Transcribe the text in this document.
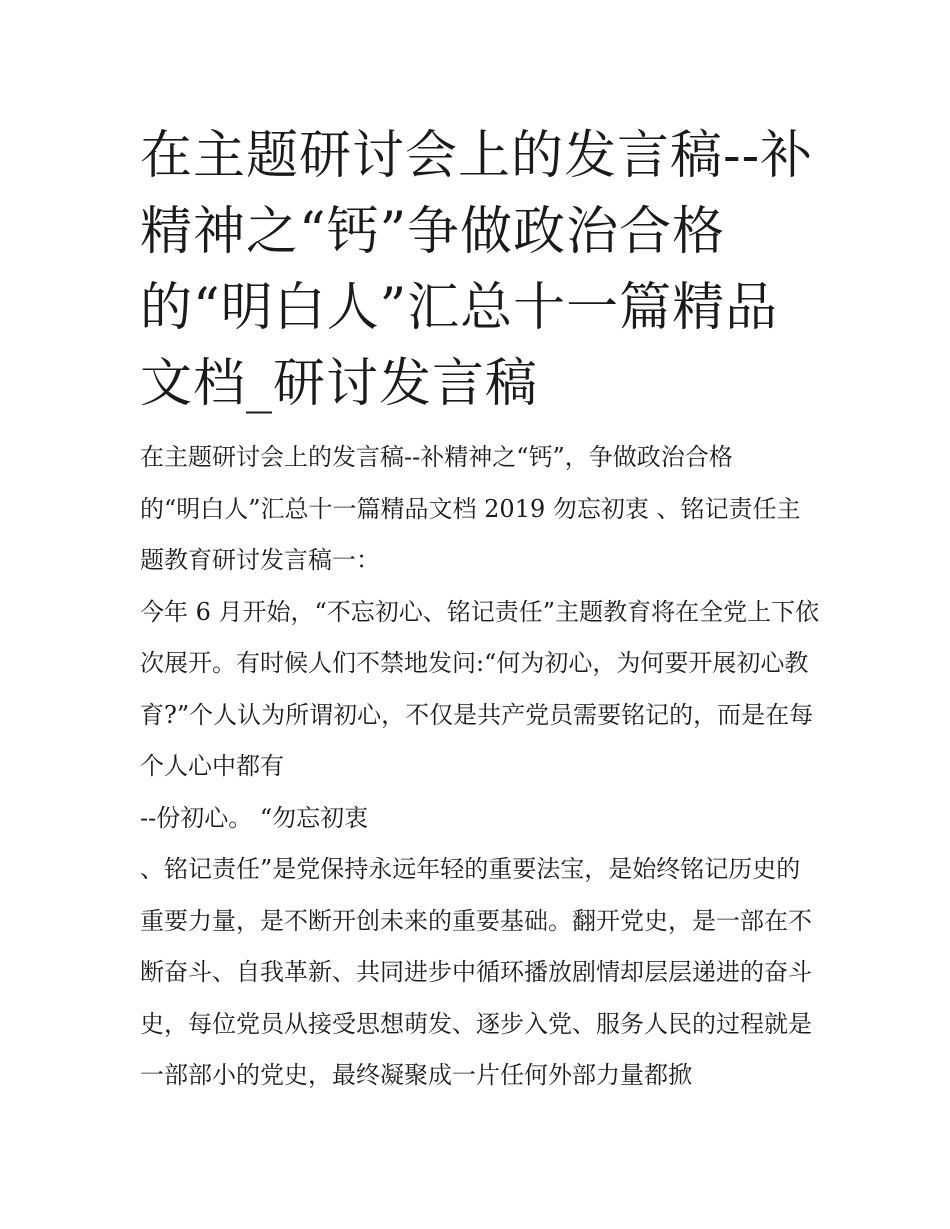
在主题研讨会上的发言稿--补精神之“钙”争做政治合格的“明白人”汇总十一篇精品文档_研讨发言稿

在主题研讨会上的发言稿--补精神之“钙”，争做政治合格

的“明白人”汇总十一篇精品文档 2019 勿忘初衷 、铭记责任主题教育研讨发言稿一：

今年 6 月开始，“不忘初心、铭记责任”主题教育将在全党上下依次展开。有时候人们不禁地发问:“何为初心，为何要开展初心教育?”个人认为所谓初心，不仅是共产党员需要铭记的，而是在每个人心中都有

--份初心。 “勿忘初衷

、铭记责任”是党保持永远年轻的重要法宝，是始终铭记历史的重要力量，是不断开创未来的重要基础。翻开党史，是一部在不断奋斗、自我革新、共同进步中循环播放剧情却层层递进的奋斗史，每位党员从接受思想萌发、逐步入党、服务人民的过程就是一部部小的党史，最终凝聚成一片任何外部力量都掀
